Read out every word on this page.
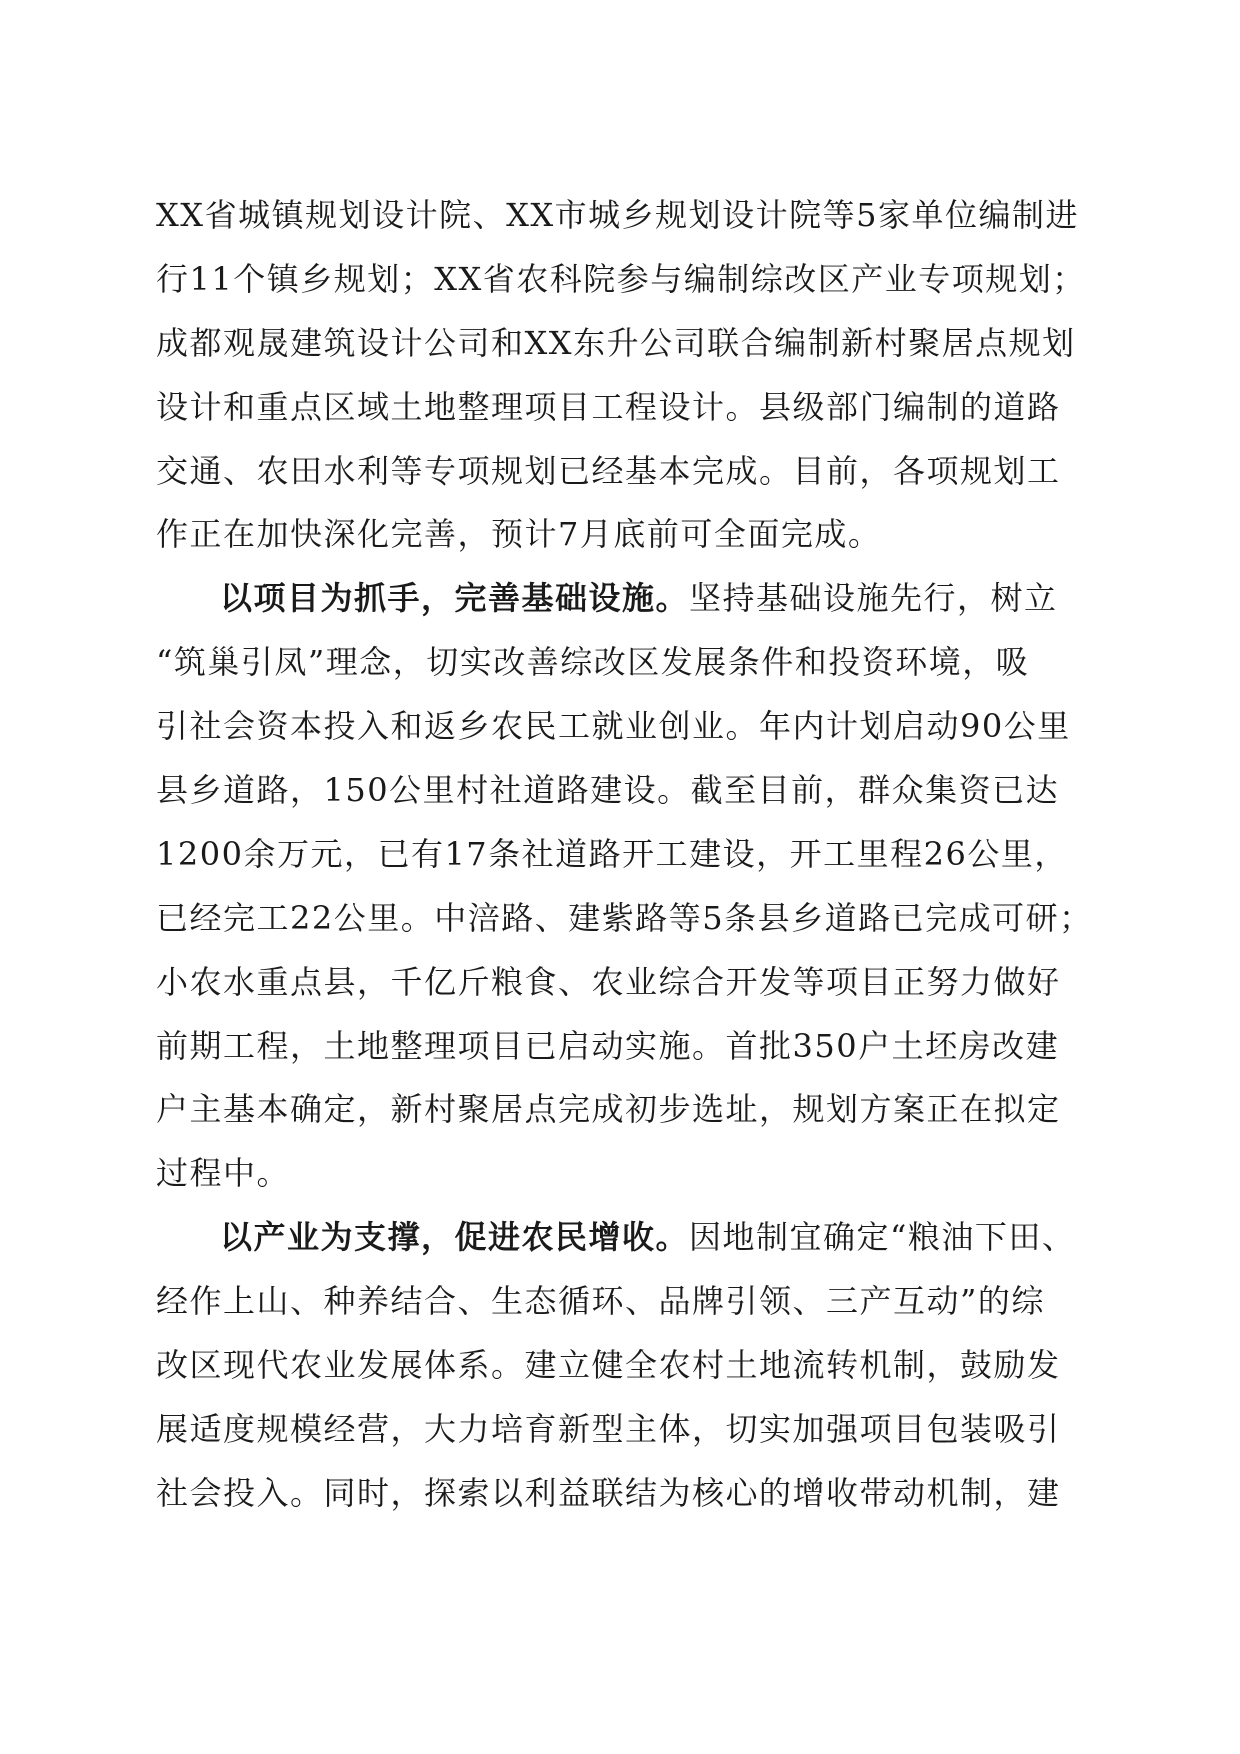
XX省城镇规划设计院、XX市城乡规划设计院等5家单位编制进
行11个镇乡规划；XX省农科院参与编制综改区产业专项规划；
成都观晟建筑设计公司和XX东升公司联合编制新村聚居点规划
设计和重点区域土地整理项目工程设计。县级部门编制的道路
交通、农田水利等专项规划已经基本完成。目前，各项规划工
作正在加快深化完善，预计7月底前可全面完成。
以项目为抓手，完善基础设施。坚持基础设施先行，树立
“筑巢引凤”理念，切实改善综改区发展条件和投资环境，吸
引社会资本投入和返乡农民工就业创业。年内计划启动90公里
县乡道路，150公里村社道路建设。截至目前，群众集资已达
1200余万元，已有17条社道路开工建设，开工里程26公里，
已经完工22公里。中涪路、建紫路等5条县乡道路已完成可研；
小农水重点县，千亿斤粮食、农业综合开发等项目正努力做好
前期工程，土地整理项目已启动实施。首批350户土坯房改建
户主基本确定，新村聚居点完成初步选址，规划方案正在拟定
过程中。
以产业为支撑，促进农民增收。因地制宜确定“粮油下田、
经作上山、种养结合、生态循环、品牌引领、三产互动”的综
改区现代农业发展体系。建立健全农村土地流转机制，鼓励发
展适度规模经营，大力培育新型主体，切实加强项目包装吸引
社会投入。同时，探索以利益联结为核心的增收带动机制，建
